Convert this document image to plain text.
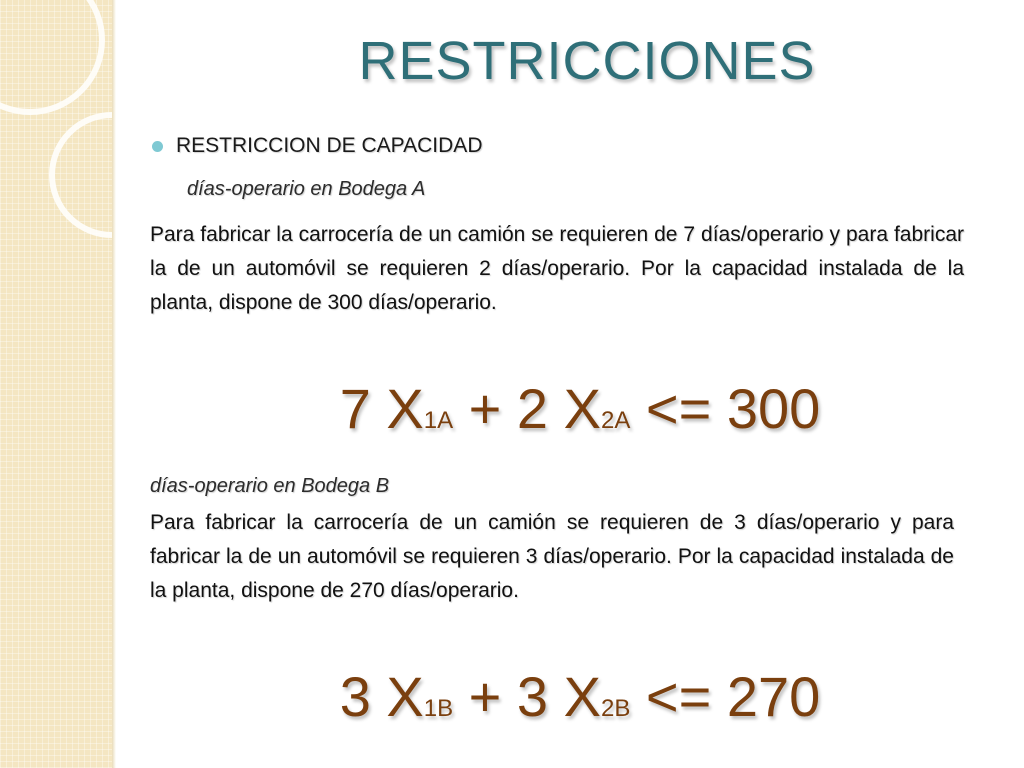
RESTRICCIONES
RESTRICCION DE CAPACIDAD
días-operario en Bodega A
Para fabricar la carrocería de un camión se requieren de 7 días/operario y para fabricar la de un automóvil se requieren 2 días/operario. Por la capacidad instalada de la planta, dispone de 300 días/operario.
7 X1A + 2 X2A <= 300
días-operario en Bodega B
Para fabricar la carrocería de un camión se requieren de 3 días/operario y para fabricar la de un automóvil se requieren 3 días/operario. Por la capacidad instalada de la planta, dispone de 270 días/operario.
3 X1B + 3 X2B <= 270
